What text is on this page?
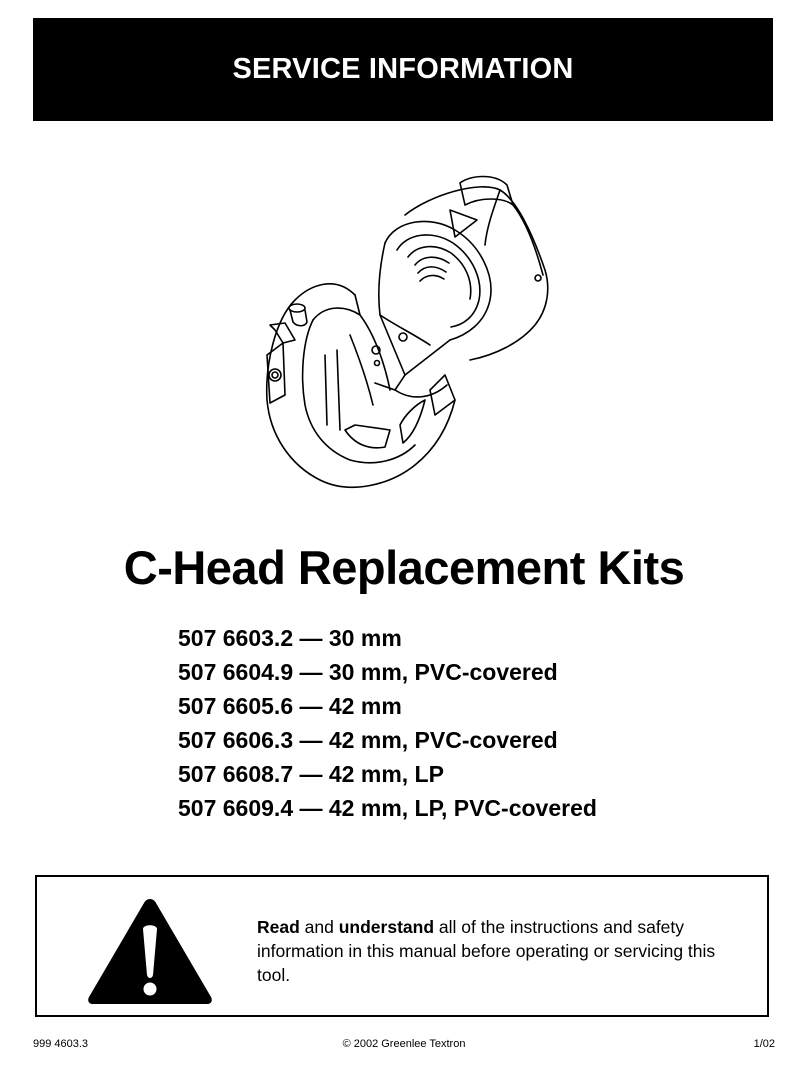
SERVICE INFORMATION
C-Head Replacement Kits
507 6603.2 — 30 mm
507 6604.9 — 30 mm, PVC-covered
507 6605.6 — 42 mm
507 6606.3 — 42 mm, PVC-covered
507 6608.7 — 42 mm, LP
507 6609.4 — 42 mm, LP, PVC-covered
Read and understand all of the instructions and safety information in this manual before operating or servicing this tool.
999 4603.3	© 2002 Greenlee Textron	1/02
